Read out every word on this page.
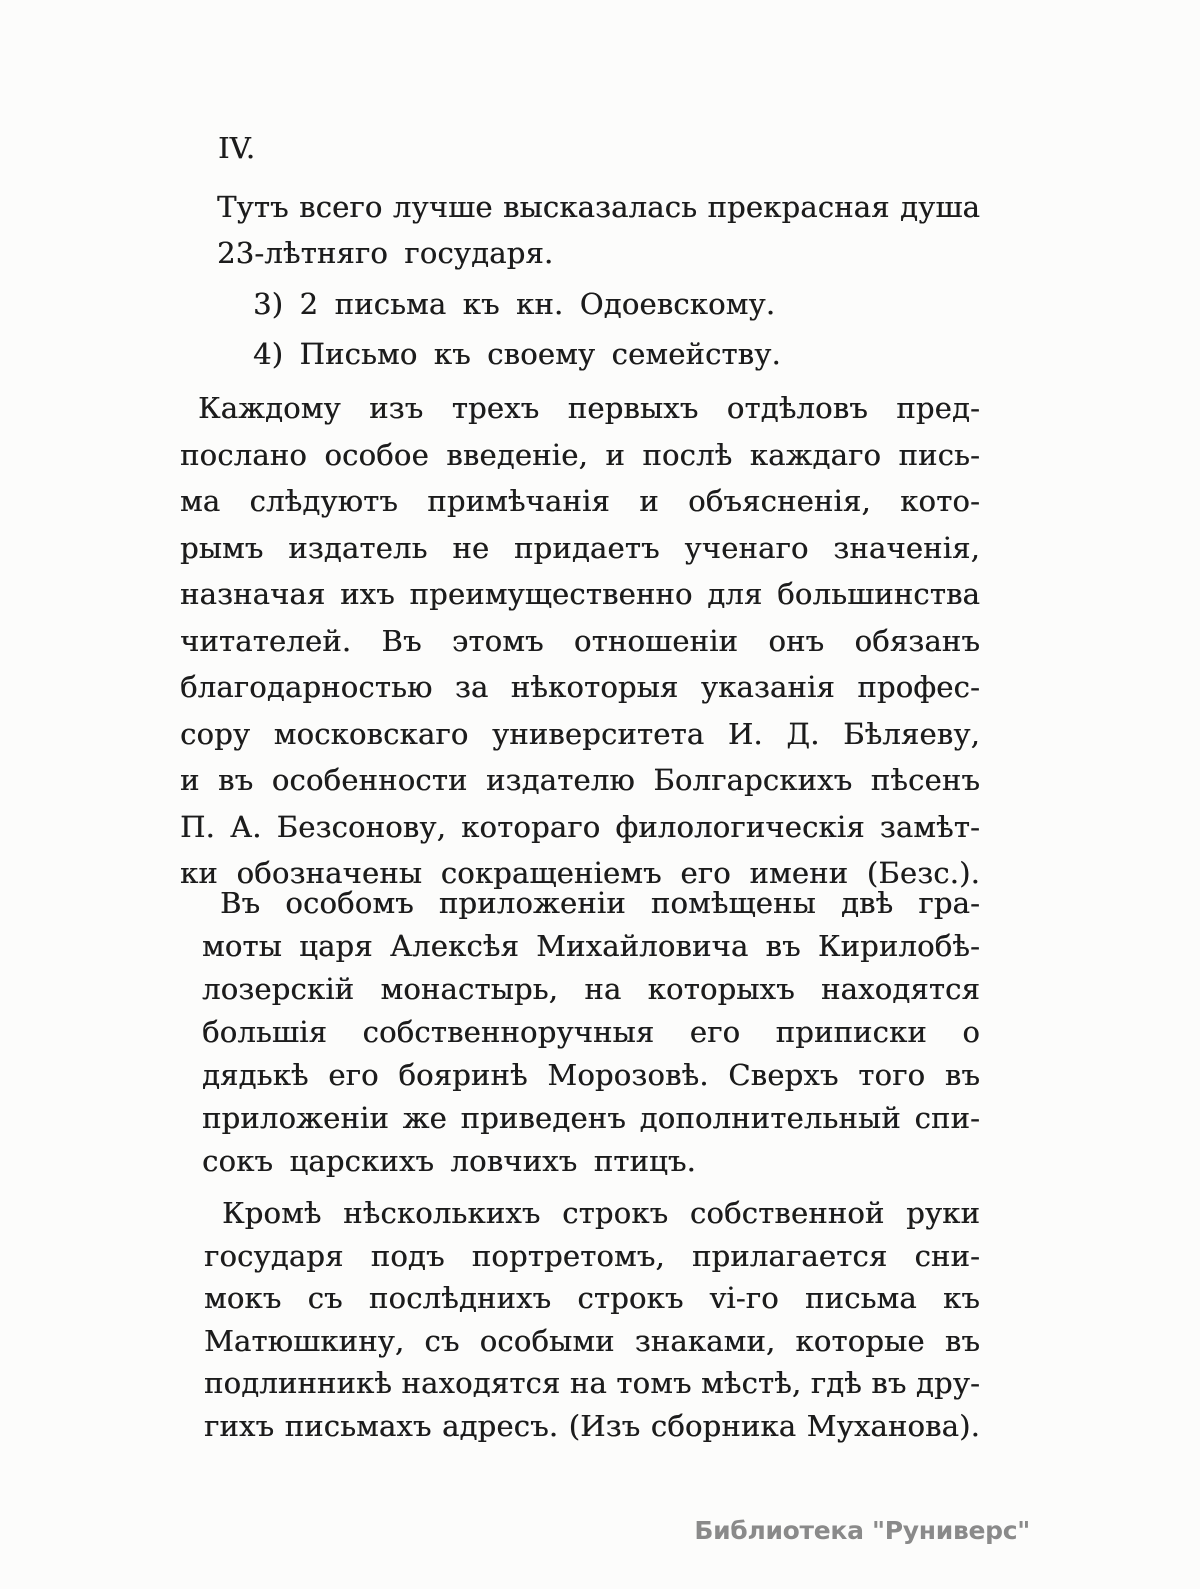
IV.
Тутъ всего лучше высказалась прекрасная душа
23-лѣтняго государя.
3) 2 письма къ кн. Одоевскому.
4) Письмо къ своему семейству.
Каждому изъ трехъ первыхъ отдѣловъ пред-
послано особое введеніе, и послѣ каждаго пись-
ма слѣдуютъ примѣчанія и объясненія, кото-
рымъ издатель не придаетъ ученаго значенія,
назначая ихъ преимущественно для большинства
читателей. Въ этомъ отношеніи онъ обязанъ
благодарностью за нѣкоторыя указанія профес-
сору московскаго университета И. Д. Бѣляеву,
и въ особенности издателю Болгарскихъ пѣсенъ
П. А. Безсонову, котораго филологическія замѣт-
ки обозначены сокращеніемъ его имени (Безс.).
Въ особомъ приложеніи помѣщены двѣ гра-
моты царя Алексѣя Михайловича въ Кирилобѣ-
лозерскій монастырь, на которыхъ находятся
большія собственноручныя его приписки о
дядькѣ его бояринѣ Морозовѣ. Сверхъ того въ
приложеніи же приведенъ дополнительный спи-
сокъ царскихъ ловчихъ птицъ.
Кромѣ нѣсколькихъ строкъ собственной руки
государя подъ портретомъ, прилагается сни-
мокъ съ послѣднихъ строкъ vi-го письма къ
Матюшкину, съ особыми знаками, которые въ
подлинникѣ находятся на томъ мѣстѣ, гдѣ въ дру-
гихъ письмахъ адресъ. (Изъ сборника Муханова).
Библиотека "Руниверс"
